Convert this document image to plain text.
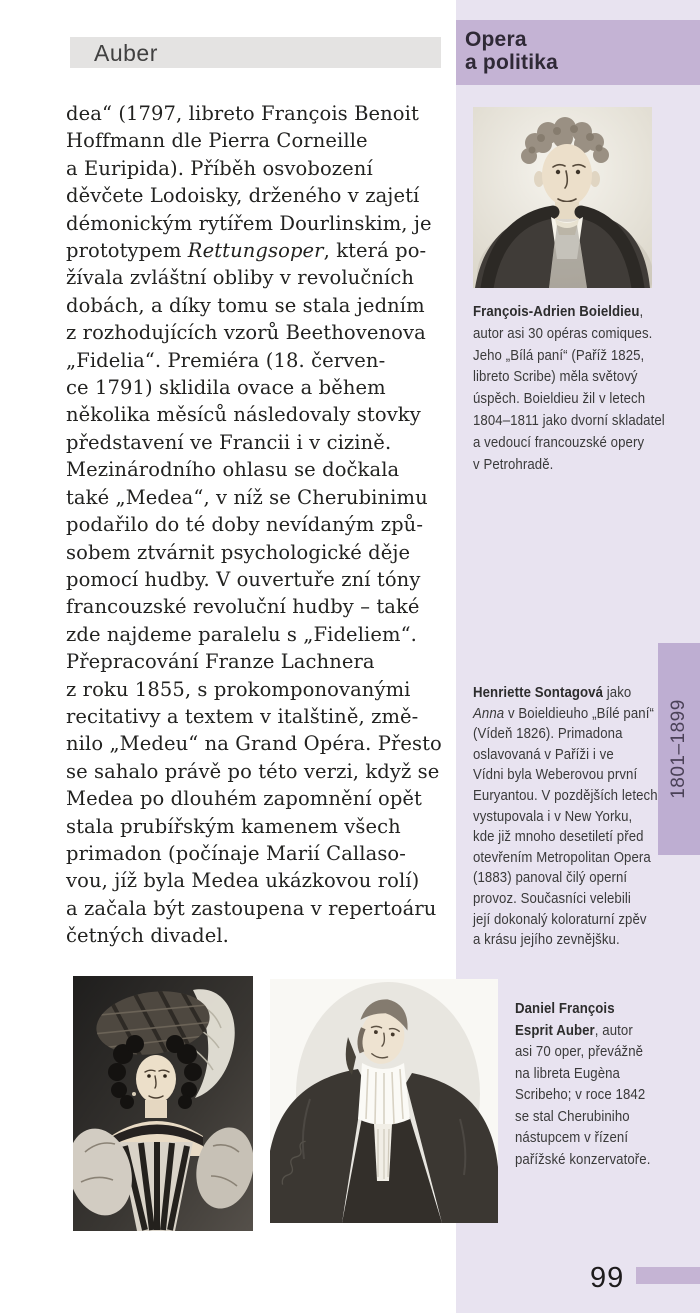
Auber
Opera
a politika
François-Adrien Boieldieu,
autor asi 30 opéras comiques.
Jeho „Bílá paní“ (Paříž 1825,
libreto Scribe) měla světový
úspěch. Boieldieu žil v letech
1804–1811 jako dvorní skladatel
a vedoucí francouzské opery
v Petrohradě.
dea“ (1797, libreto François Benoit
Hoffmann dle Pierra Corneille
a Euripida). Příběh osvobození
děvčete Lodoisky, drženého v zajetí
démonickým rytířem Dourlinskim, je
prototypem Rettungsoper, která po-
žívala zvláštní obliby v revolučních
dobách, a díky tomu se stala jedním
z rozhodujících vzorů Beethovenova
„Fidelia“. Premiéra (18. červen-
ce 1791) sklidila ovace a během
několika měsíců následovaly stovky
představení ve Francii i v cizině.
Mezinárodního ohlasu se dočkala
také „Medea“, v níž se Cherubinimu
podařilo do té doby nevídaným způ-
sobem ztvárnit psychologické děje
pomocí hudby. V ouvertuře zní tóny
francouzské revoluční hudby – také
zde najdeme paralelu s „Fideliem“.
Přepracování Franze Lachnera
z roku 1855, s prokomponovanými
recitativy a textem v italštině, změ-
nilo „Medeu“ na Grand Opéra. Přesto
se sahalo právě po této verzi, když se
Medea po dlouhém zapomnění opět
stala prubířským kamenem všech
primadon (počínaje Marií Callaso-
vou, jíž byla Medea ukázkovou rolí)
a začala být zastoupena v repertoáru
četných divadel.
Henriette Sontagová jako
Anna v Boieldieuho „Bílé paní“
(Vídeň 1826). Primadona
oslavovaná v Paříži i ve
Vídni byla Weberovou první
Euryantou. V pozdějších letech
vystupovala i v New Yorku,
kde již mnoho desetiletí před
otevřením Metropolitan Opera
(1883) panoval čilý operní
provoz. Současníci velebili
její dokonalý koloraturní zpěv
a krásu jejího zevnějšku.
1801–1899
Daniel François
Esprit Auber, autor
asi 70 oper, převážně
na libreta Eugèna
Scribeho; v roce 1842
se stal Cherubiniho
nástupcem v řízení
pařížské konzervatoře.
99
